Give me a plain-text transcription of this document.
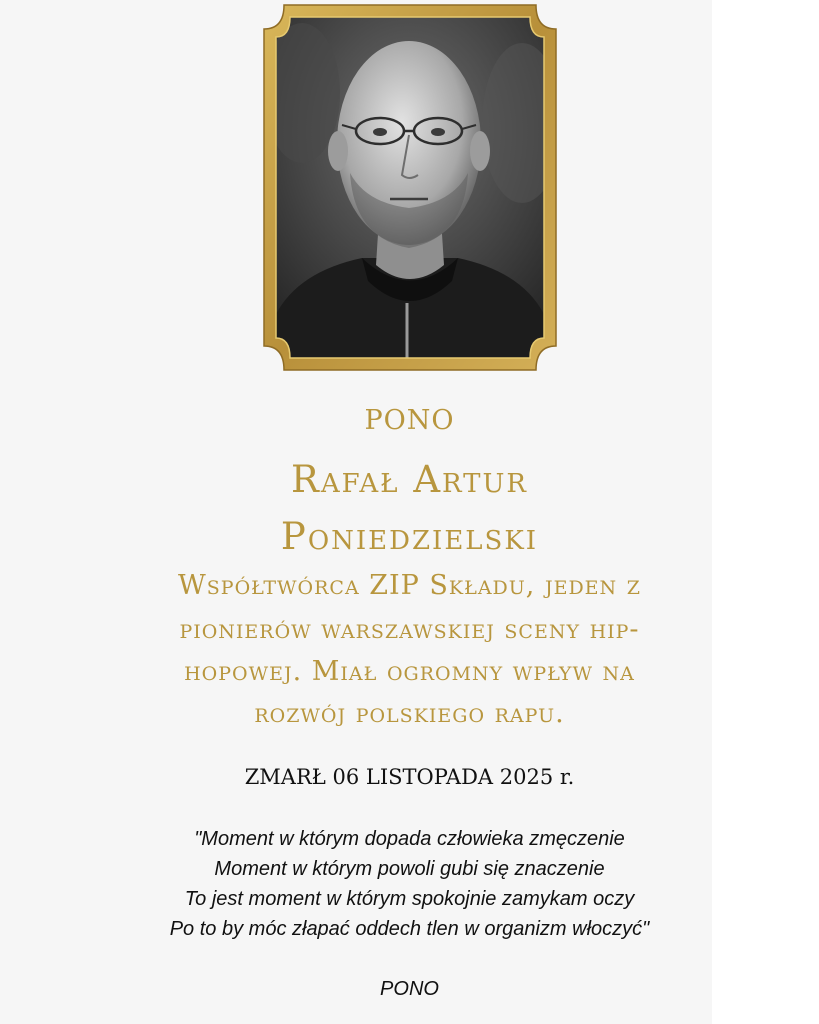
PONO
Rafał Artur
Poniedzielski
Współtwórca ZIP Składu, jeden z
pionierów warszawskiej sceny hip-
hopowej. Miał ogromny wpływ na
rozwój polskiego rapu.
ZMARŁ 06 LISTOPADA 2025 r.
"Moment w którym dopada człowieka zmęczenie
Moment w którym powoli gubi się znaczenie
To jest moment w którym spokojnie zamykam oczy
Po to by móc złapać oddech tlen w organizm włoczyć"
PONO
